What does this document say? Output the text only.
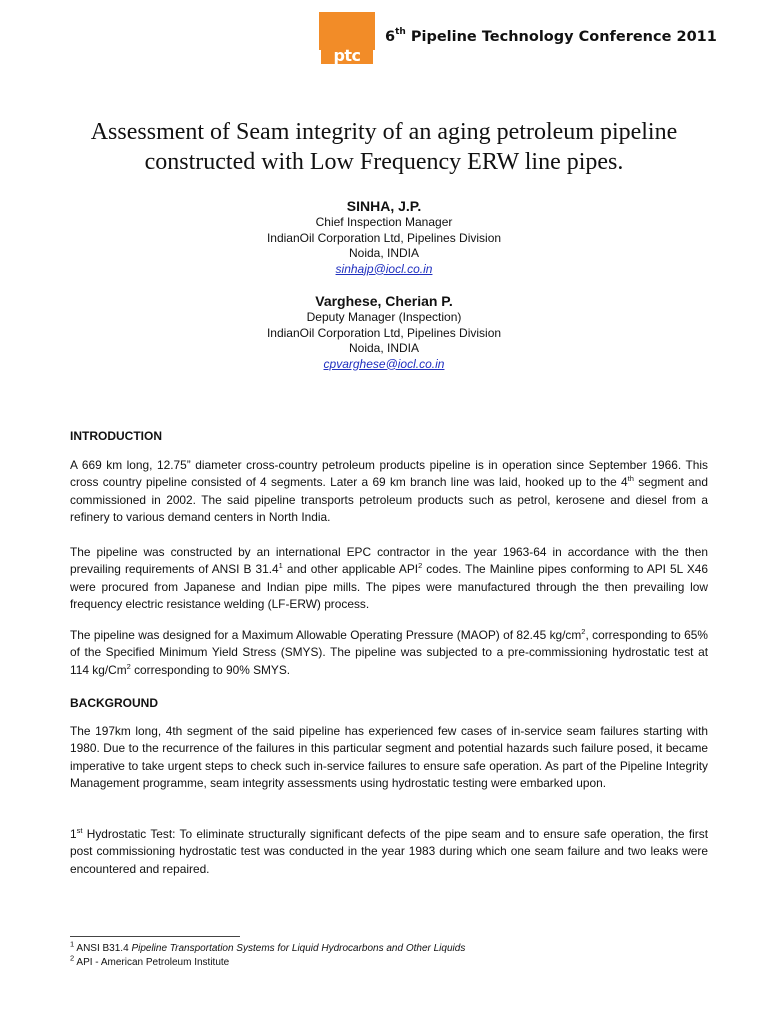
ptc
6th Pipeline Technology Conference 2011
Assessment of Seam integrity of an aging petroleum pipeline
constructed with Low Frequency ERW line pipes.
SINHA, J.P.
Chief Inspection Manager
IndianOil Corporation Ltd, Pipelines Division
Noida, INDIA
sinhajp@iocl.co.in
Varghese, Cherian P.
Deputy Manager (Inspection)
IndianOil Corporation Ltd, Pipelines Division
Noida, INDIA
cpvarghese@iocl.co.in
INTRODUCTION
A 669 km long, 12.75” diameter cross-country petroleum products pipeline is in operation since September 1966. This cross country pipeline consisted of 4 segments. Later a 69 km branch line was laid, hooked up to the 4th segment and commissioned in 2002. The said pipeline transports petroleum products such as petrol, kerosene and diesel from a refinery to various demand centers in North India.
The pipeline was constructed by an international EPC contractor in the year 1963-64 in accordance with the then prevailing requirements of ANSI B 31.4$^1$ and other applicable API$^2$ codes. The Mainline pipes conforming to API 5L X46 were procured from Japanese and Indian pipe mills. The pipes were manufactured through the then prevailing low frequency electric resistance welding (LF-ERW) process.
The pipeline was designed for a Maximum Allowable Operating Pressure (MAOP) of 82.45 $kg/cm^2$, corresponding to 65% of the Specified Minimum Yield Stress (SMYS). The pipeline was subjected to a pre-commissioning hydrostatic test at 114 kg/Cm$^2$ corresponding to 90% SMYS.
BACKGROUND
The 197km long, 4th segment of the said pipeline has experienced few cases of in-service seam failures starting with 1980. Due to the recurrence of the failures in this particular segment and potential hazards such failure posed, it became imperative to take urgent steps to check such in-service failures to ensure safe operation. As part of the Pipeline Integrity Management programme, seam integrity assessments using hydrostatic testing were embarked upon.
1st Hydrostatic Test: To eliminate structurally significant defects of the pipe seam and to ensure safe operation, the first post commissioning hydrostatic test was conducted in the year 1983 during which one seam failure and two leaks were encountered and repaired.
$^1$ ANSI B31.4 Pipeline Transportation Systems for Liquid Hydrocarbons and Other Liquids
$^2$ API - American Petroleum Institute
